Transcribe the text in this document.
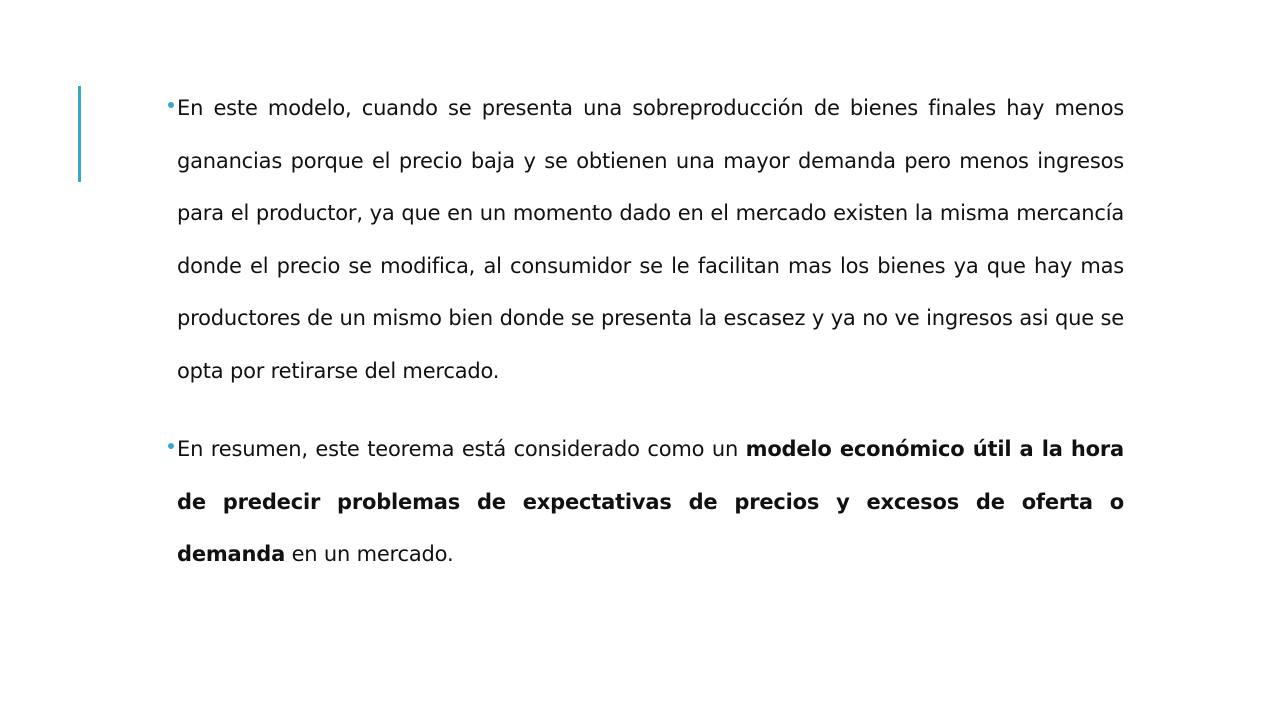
En este modelo, cuando se presenta una sobreproducción de bienes finales hay menos ganancias porque el precio baja y se obtienen una mayor demanda pero menos ingresos para el productor, ya que en un momento dado en el mercado existen la misma mercancía donde el precio se modifica, al consumidor se le facilitan mas los bienes ya que hay mas productores de un mismo bien donde se presenta la escasez y ya no ve ingresos asi que se opta por retirarse del mercado.
En resumen, este teorema está considerado como un modelo económico útil a la hora de predecir problemas de expectativas de precios y excesos de oferta o demanda en un mercado.
